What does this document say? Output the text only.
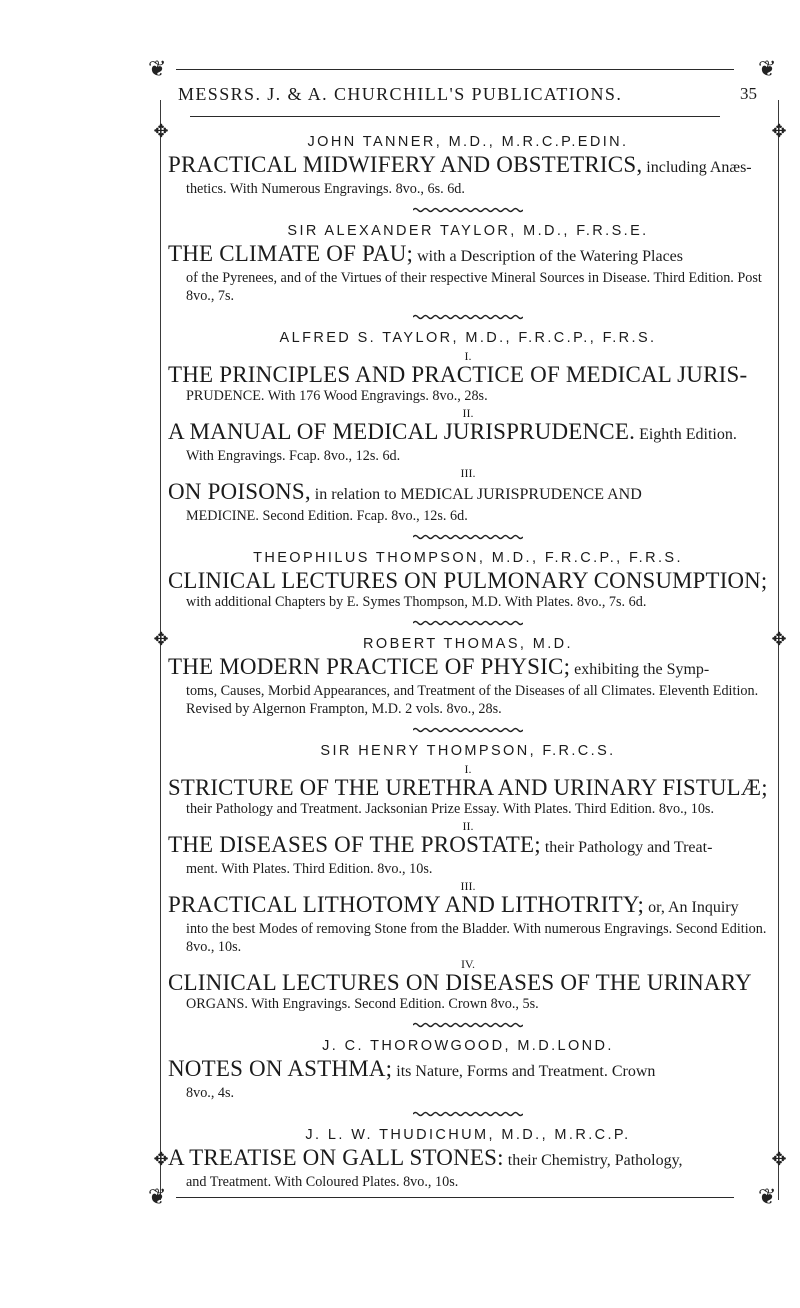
❦	❦
MESSRS. J. & A. CHURCHILL'S PUBLICATIONS.	35
✥	✥
✥	✥
✥	✥

JOHN TANNER, M.D., M.R.C.P.EDIN.

PRACTICAL MIDWIFERY AND OBSTETRICS, including Anæs-

thetics. With Numerous Engravings. 8vo., 6s. 6d.

SIR ALEXANDER TAYLOR, M.D., F.R.S.E.

THE CLIMATE OF PAU; with a Description of the Watering Places

of the Pyrenees, and of the Virtues of their respective Mineral Sources in Disease. Third Edition. Post 8vo., 7s.

ALFRED S. TAYLOR, M.D., F.R.C.P., F.R.S.

I.

THE PRINCIPLES AND PRACTICE OF MEDICAL JURIS-

PRUDENCE. With 176 Wood Engravings. 8vo., 28s.

II.

A MANUAL OF MEDICAL JURISPRUDENCE. Eighth Edition.

With Engravings. Fcap. 8vo., 12s. 6d.

III.

ON POISONS, in relation to MEDICAL JURISPRUDENCE AND

MEDICINE. Second Edition. Fcap. 8vo., 12s. 6d.

THEOPHILUS THOMPSON, M.D., F.R.C.P., F.R.S.

CLINICAL LECTURES ON PULMONARY CONSUMPTION;

with additional Chapters by E. Symes Thompson, M.D. With Plates. 8vo., 7s. 6d.

ROBERT THOMAS, M.D.

THE MODERN PRACTICE OF PHYSIC; exhibiting the Symp-

toms, Causes, Morbid Appearances, and Treatment of the Diseases of all Climates. Eleventh Edition. Revised by Algernon Frampton, M.D. 2 vols. 8vo., 28s.

SIR HENRY THOMPSON, F.R.C.S.

I.

STRICTURE OF THE URETHRA AND URINARY FISTULÆ;

their Pathology and Treatment. Jacksonian Prize Essay. With Plates. Third Edition. 8vo., 10s.

II.

THE DISEASES OF THE PROSTATE; their Pathology and Treat-

ment. With Plates. Third Edition. 8vo., 10s.

III.

PRACTICAL LITHOTOMY AND LITHOTRITY; or, An Inquiry

into the best Modes of removing Stone from the Bladder. With numerous Engravings. Second Edition. 8vo., 10s.

IV.

CLINICAL LECTURES ON DISEASES OF THE URINARY

ORGANS. With Engravings. Second Edition. Crown 8vo., 5s.

J. C. THOROWGOOD, M.D.LOND.

NOTES ON ASTHMA; its Nature, Forms and Treatment. Crown

8vo., 4s.

J. L. W. THUDICHUM, M.D., M.R.C.P.

A TREATISE ON GALL STONES: their Chemistry, Pathology,

and Treatment. With Coloured Plates. 8vo., 10s.

❦	❦
